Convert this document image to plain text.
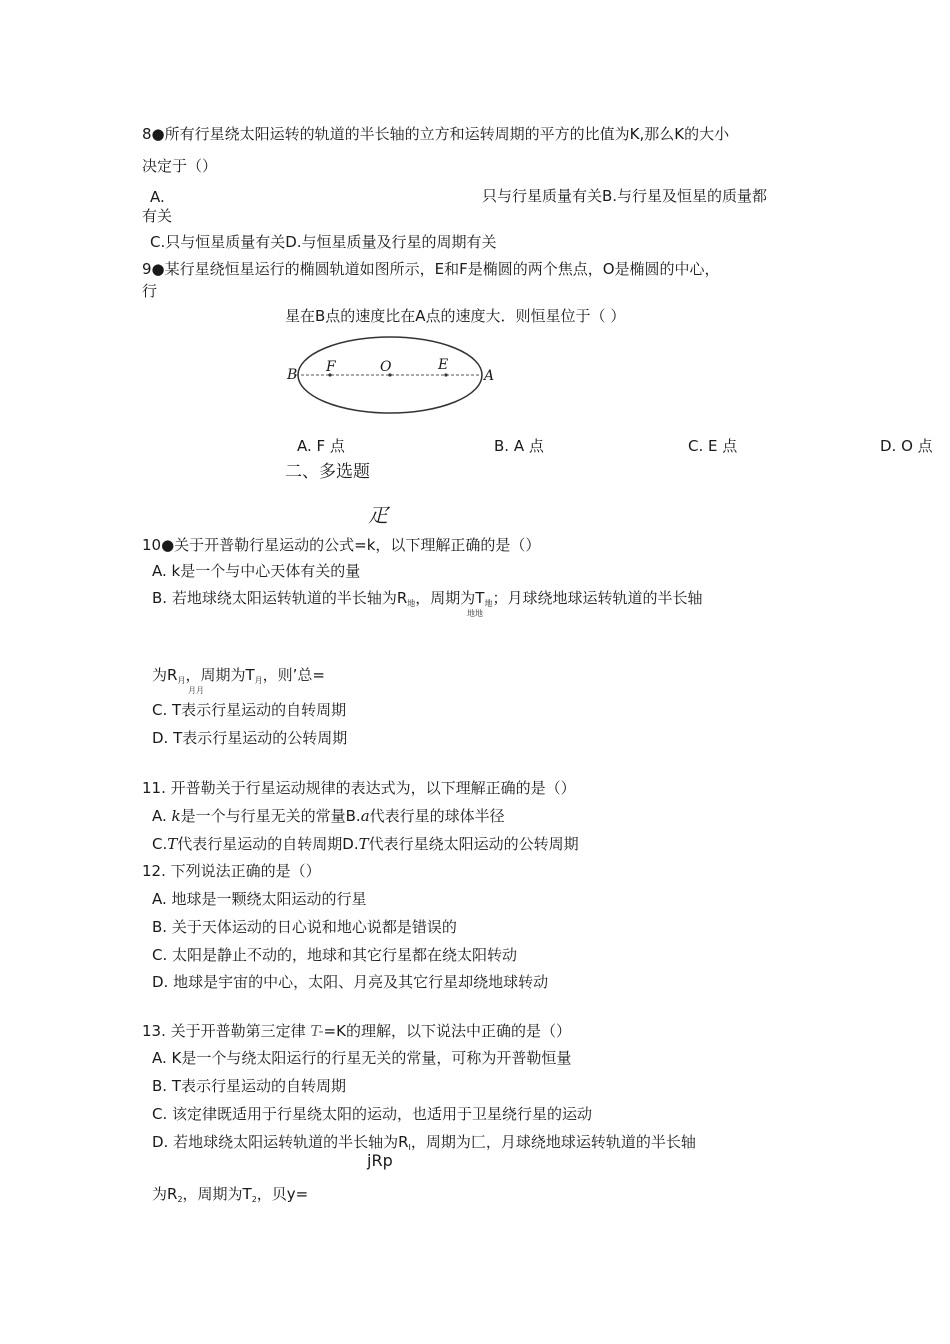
8●所有行星绕太阳运转的轨道的半长轴的立方和运转周期的平方的比值为K,那么K的大小
决定于（）
A.	只与行星质量有关B.与行星及恒星的质量都
有关
C.只与恒星质量有关D.与恒星质量及行星的周期有关
9●某行星绕恒星运行的椭圆轨道如图所示，E和F是椭圆的两个焦点，O是椭圆的中心，
行
星在B点的速度比在A点的速度大．则恒星位于（ ）
B F	O	E
A
A. F 点	B. A 点	C. E 点	D. O 点
二、多选题
疋
10●关于开普勒行星运动的公式=k，以下理解正确的是（）
A. k是一个与中心天体有关的量
B. 若地球绕太阳运转轨道的半长轴为$R_地$，周期为$T_地$；月球绕地球运转轨道的半长轴
地地
为$R_月$，周期为$T_月$，则’总=
月月
C. T表示行星运动的自转周期
D. T表示行星运动的公转周期
11. 开普勒关于行星运动规律的表达式为，以下理解正确的是（）
A. k是一个与行星无关的常量B.a代表行星的球体半径
C.T代表行星运动的自转周期D.T代表行星绕太阳运动的公转周期
12. 下列说法正确的是（）
A. 地球是一颗绕太阳运动的行星
B. 关于天体运动的日心说和地心说都是错误的
C. 太阳是静止不动的，地球和其它行星都在绕太阳转动
D. 地球是宇宙的中心，太阳、月亮及其它行星却绕地球转动
13. 关于开普勒第三定律 T-=K的理解，以下说法中正确的是（）
A. K是一个与绕太阳运行的行星无关的常量，可称为开普勒恒量
B. T表示行星运动的自转周期
C. 该定律既适用于行星绕太阳的运动，也适用于卫星绕行星的运动
D. 若地球绕太阳运转轨道的半长轴为$R_I$，周期为匚，月球绕地球运转轨道的半长轴
jRp
为$R_2$，周期为$T_2$，贝y=
